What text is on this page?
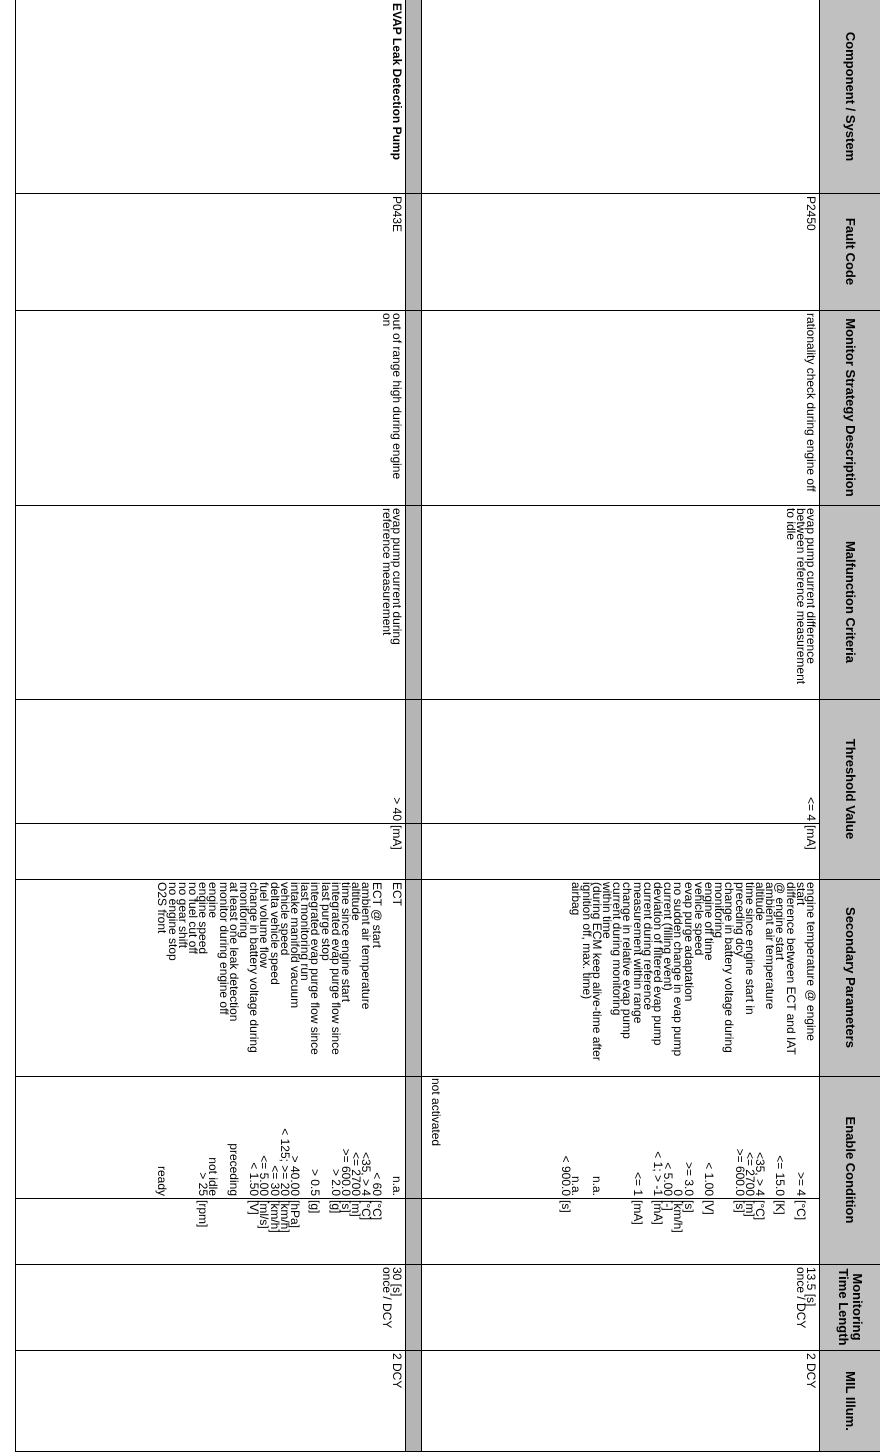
Component / System
Fault Code
Monitor Strategy Description
Malfunction Criteria
Threshold Value
Secondary Parameters
Enable Condition
Monitoring
Time Length
MIL Illum.
P2450
rationality check during engine off
evap pump current difference
between reference measurement
to idle
<= 4
[mA]
engine temperature @ engine
start
difference between ECT and IAT
@ engine start
ambient air temperature
altitude
time since engine start in
preceding dcy
change in battery voltage during
monitoring
engine off time
vehicle speed
evap purge adaptation
no sudden change in evap pump
current (filling event)
deviation of filtered evap pump
current during reference
measurement within range
change in relative evap pump
current during monitoring
within time
(during ECM keep alive-time after
ignition off, max. time)
airbag

>= 4

<= 15.0

<35, > 4
<= 2700
>= 600.0

< 1.00

>= 3.0
0
< 5.00
< 1; > -1

<= 1

n.a.

n.a.
< 900.0

[°C]

[K]

[°C]
[m]
[s]

[V]

[s]
[km/h]
[-]
[mA]

[mA]

[s]

not activated
13.5 [s]
once / DCY
2 DCY
EVAP Leak Detection Pump
P043E
out of range high during engine
on
evap pump current during
reference measurement
> 40
[mA]
ECT

ECT @ start
ambient air temperature
altitude
time since engine start
integrated evap purge flow since
last purge stop
integrated evap purge flow since
last monitoring run
intake manifold vacuum
vehicle speed
delta vehicle speed
fuel volume flow
change in battery voltage during
monitoring
at least one leak detection
monitor during engine off
engine
engine speed
no fuel cut off
no gear shift
no engine stop
O2S front
n.a.

< 60
<35, > 4
<= 2700
>= 600.0
> 2.0

> 0.5

> 40.00
< 125; >= 20
<= 30
<= 5.00
< 1.50

preceding

not idle
> 25

ready

[°C]
[°C]
[m]
[s]
[g]

[g]

[hPa]
[km/h]
[km/h]
[ml/s]
[V]

[rpm]

30 [s]
once / DCY
2 DCY
